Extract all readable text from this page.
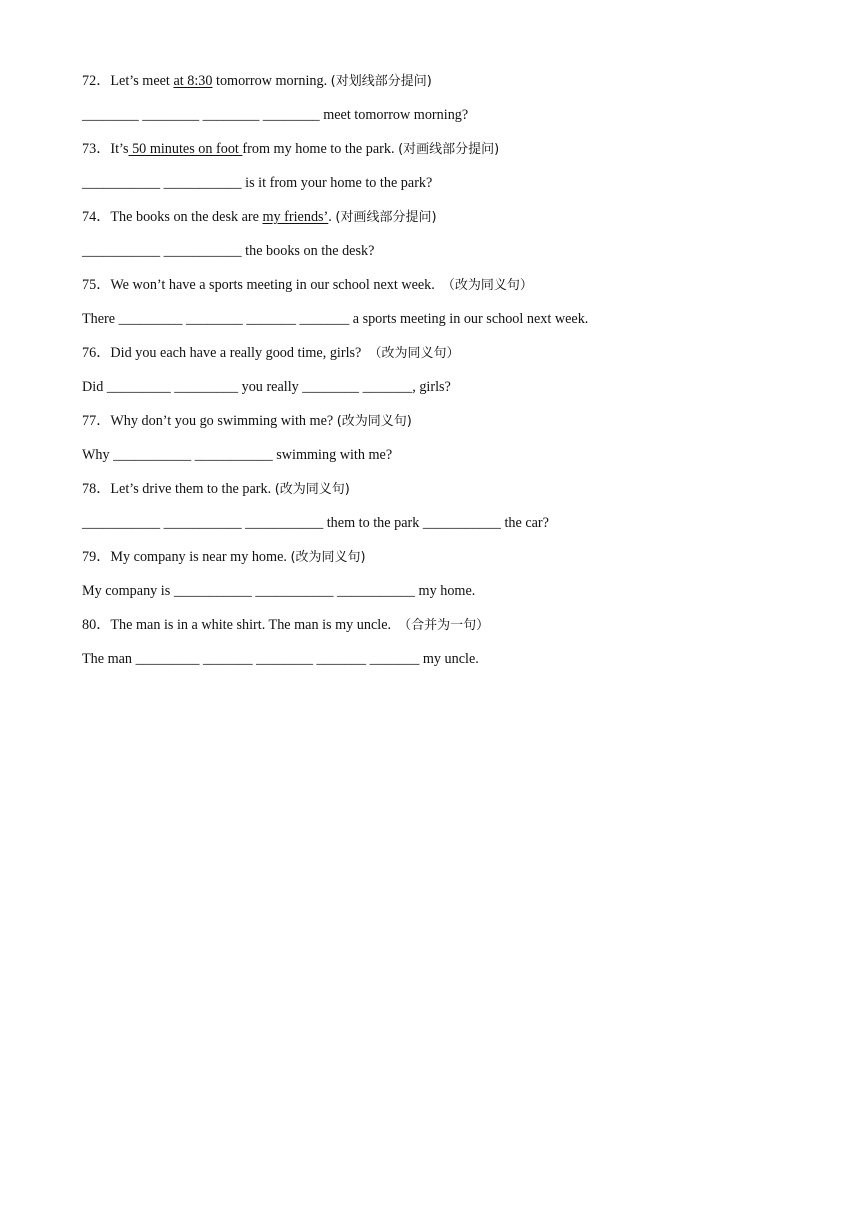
72．Let’s meet at 8:30 tomorrow morning. (对划线部分提问)
________ ________ ________ ________ meet tomorrow morning?
73．It’s 50 minutes on foot from my home to the park. (对画线部分提问)
___________ ___________ is it from your home to the park?
74．The books on the desk are my friends’. (对画线部分提问)
___________ ___________ the books on the desk?
75．We won’t have a sports meeting in our school next week.  （改为同义句）
There _________ ________ _______ _______ a sports meeting in our school next week.
76．Did you each have a really good time, girls?  （改为同义句）
Did _________ _________ you really ________ _______, girls?
77．Why don’t you go swimming with me? (改为同义句)
Why ___________ ___________ swimming with me?
78．Let’s drive them to the park. (改为同义句)
___________ ___________ ___________ them to the park ___________ the car?
79．My company is near my home. (改为同义句)
My company is ___________ ___________ ___________ my home.
80．The man is in a white shirt. The man is my uncle.  （合并为一句）
The man _________ _______ ________ _______ _______ my uncle.
